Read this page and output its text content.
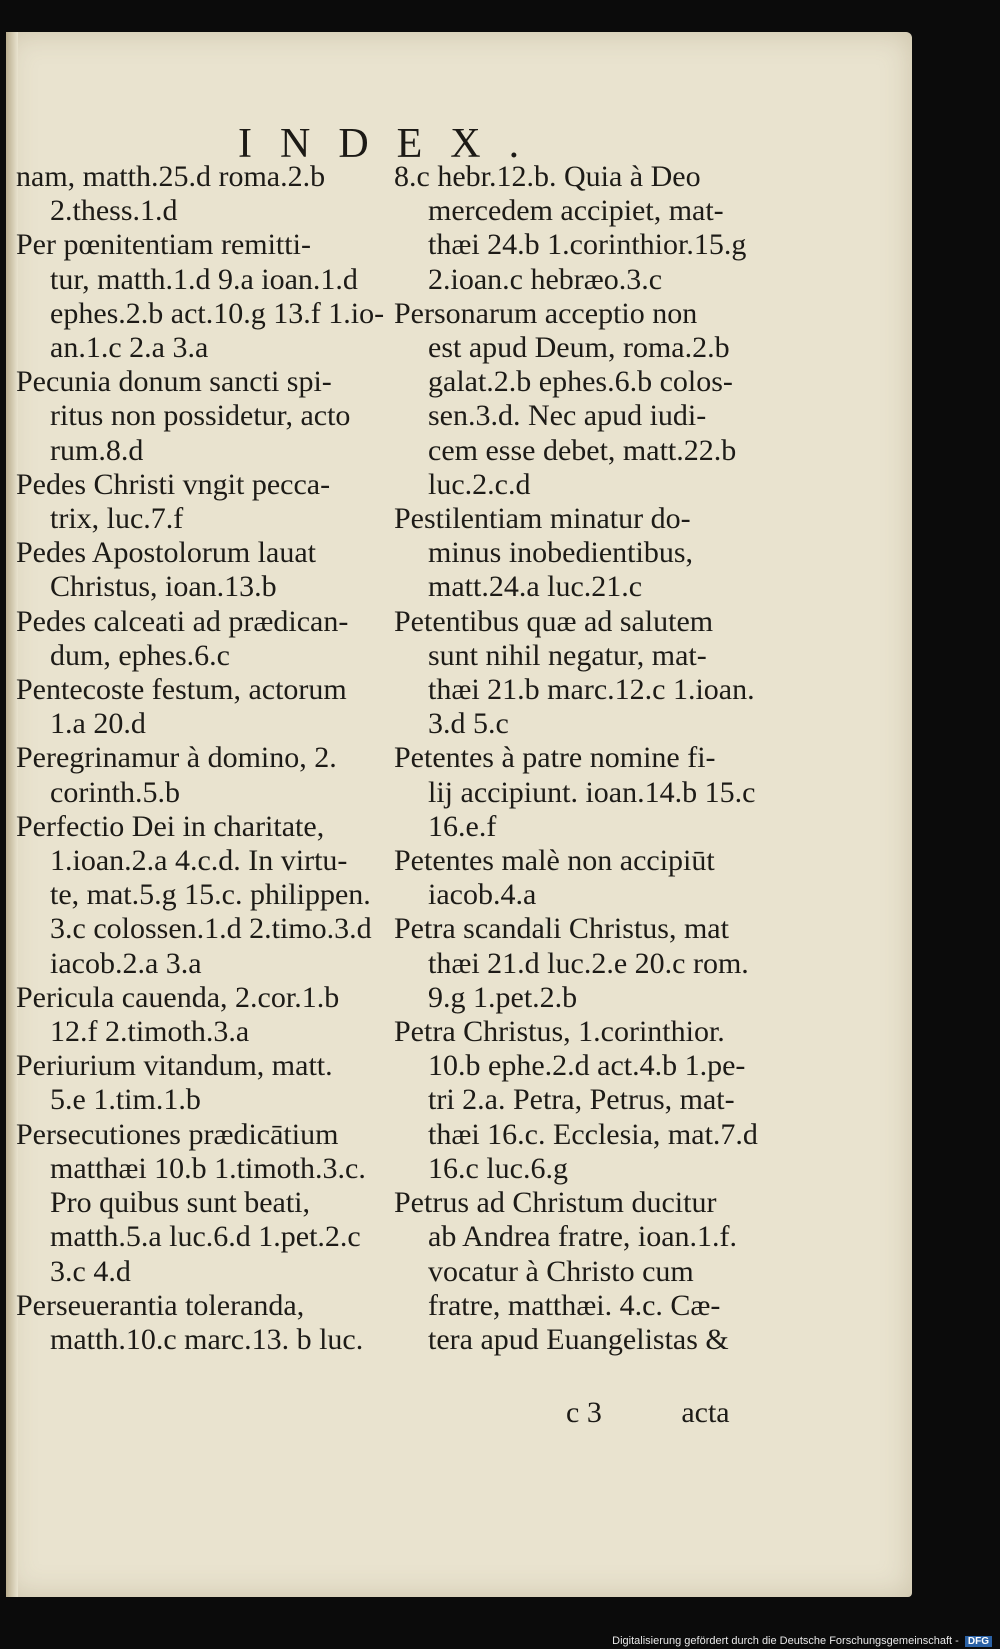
INDEX.
nam, matth.25.d roma.2.b
2.thess.1.d
Per pœnitentiam remitti-
tur, matth.1.d 9.a ioan.1.d
ephes.2.b act.10.g 13.f 1.io-
an.1.c 2.a 3.a
Pecunia donum sancti spi-
ritus non possidetur, acto
rum.8.d
Pedes Christi vngit pecca-
trix, luc.7.f
Pedes Apostolorum lauat
Christus, ioan.13.b
Pedes calceati ad prædican-
dum, ephes.6.c
Pentecoste festum, actorum
1.a 20.d
Peregrinamur à domino, 2.
corinth.5.b
Perfectio Dei in charitate,
1.ioan.2.a 4.c.d. In virtu-
te, mat.5.g 15.c. philippen.
3.c colossen.1.d 2.timo.3.d
iacob.2.a 3.a
Pericula cauenda, 2.cor.1.b
12.f 2.timoth.3.a
Periurium vitandum, matt.
5.e 1.tim.1.b
Persecutiones prædicātium
matthæi 10.b 1.timoth.3.c.
Pro quibus sunt beati,
matth.5.a luc.6.d 1.pet.2.c
3.c 4.d
Perseuerantia toleranda,
matth.10.c marc.13. b luc.
8.c hebr.12.b. Quia à Deo
mercedem accipiet, mat-
thæi 24.b 1.corinthior.15.g
2.ioan.c hebræo.3.c
Personarum acceptio non
est apud Deum, roma.2.b
galat.2.b ephes.6.b colos-
sen.3.d. Nec apud iudi-
cem esse debet, matt.22.b
luc.2.c.d
Pestilentiam minatur do-
minus inobedientibus,
matt.24.a luc.21.c
Petentibus quæ ad salutem
sunt nihil negatur, mat-
thæi 21.b marc.12.c 1.ioan.
3.d 5.c
Petentes à patre nomine fi-
lij accipiunt. ioan.14.b 15.c
16.e.f
Petentes malè non accipiūt
iacob.4.a
Petra scandali Christus, mat
thæi 21.d luc.2.e 20.c rom.
9.g 1.pet.2.b
Petra Christus, 1.corinthior.
10.b ephe.2.d act.4.b 1.pe-
tri 2.a. Petra, Petrus, mat-
thæi 16.c. Ecclesia, mat.7.d
16.c luc.6.g
Petrus ad Christum ducitur
ab Andrea fratre, ioan.1.f.
vocatur à Christo cum
fratre, matthæi. 4.c. Cæ-
tera apud Euangelistas &
c 3	acta
Digitalisierung gefördert durch die Deutsche Forschungsgemeinschaft - DFG
